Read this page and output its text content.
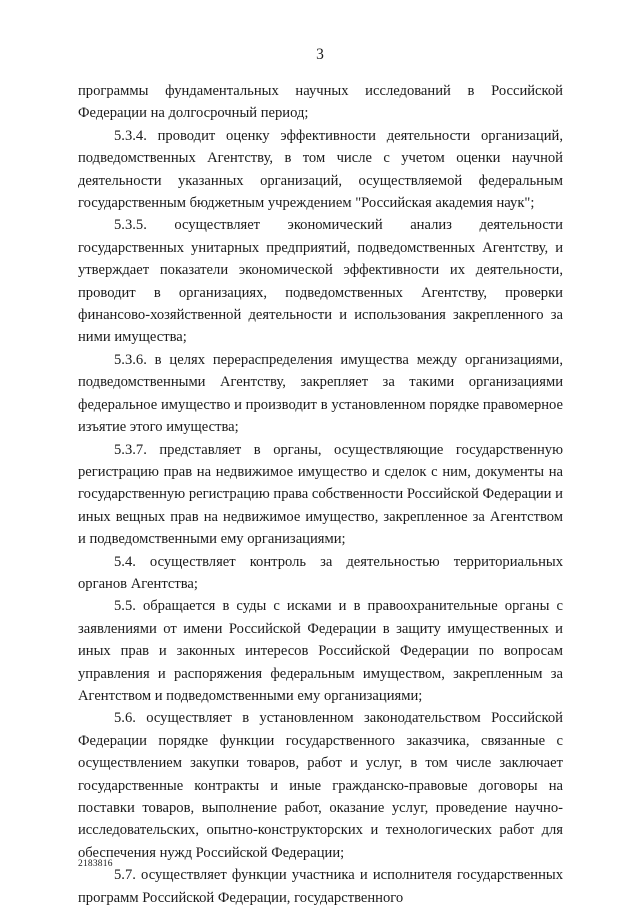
3

программы фундаментальных научных исследований в Российской Федерации на долгосрочный период;

5.3.4. проводит оценку эффективности деятельности организаций, подведомственных Агентству, в том числе с учетом оценки научной деятельности указанных организаций, осуществляемой федеральным государственным бюджетным учреждением "Российская академия наук";

5.3.5. осуществляет экономический анализ деятельности государственных унитарных предприятий, подведомственных Агентству, и утверждает показатели экономической эффективности их деятельности, проводит в организациях, подведомственных Агентству, проверки финансово-хозяйственной деятельности и использования закрепленного за ними имущества;

5.3.6. в целях перераспределения имущества между организациями, подведомственными Агентству, закрепляет за такими организациями федеральное имущество и производит в установленном порядке правомерное изъятие этого имущества;

5.3.7. представляет в органы, осуществляющие государственную регистрацию прав на недвижимое имущество и сделок с ним, документы на государственную регистрацию права собственности Российской Федерации и иных вещных прав на недвижимое имущество, закрепленное за Агентством и подведомственными ему организациями;

5.4. осуществляет контроль за деятельностью территориальных органов Агентства;

5.5. обращается в суды с исками и в правоохранительные органы с заявлениями от имени Российской Федерации в защиту имущественных и иных прав и законных интересов Российской Федерации по вопросам управления и распоряжения федеральным имуществом, закрепленным за Агентством и подведомственными ему организациями;

5.6. осуществляет в установленном законодательством Российской Федерации порядке функции государственного заказчика, связанные с осуществлением закупки товаров, работ и услуг, в том числе заключает государственные контракты и иные гражданско-правовые договоры на поставки товаров, выполнение работ, оказание услуг, проведение научно-исследовательских, опытно-конструкторских и технологических работ для обеспечения нужд Российской Федерации;

5.7. осуществляет функции участника и исполнителя государственных программ Российской Федерации, государственного

2183816
